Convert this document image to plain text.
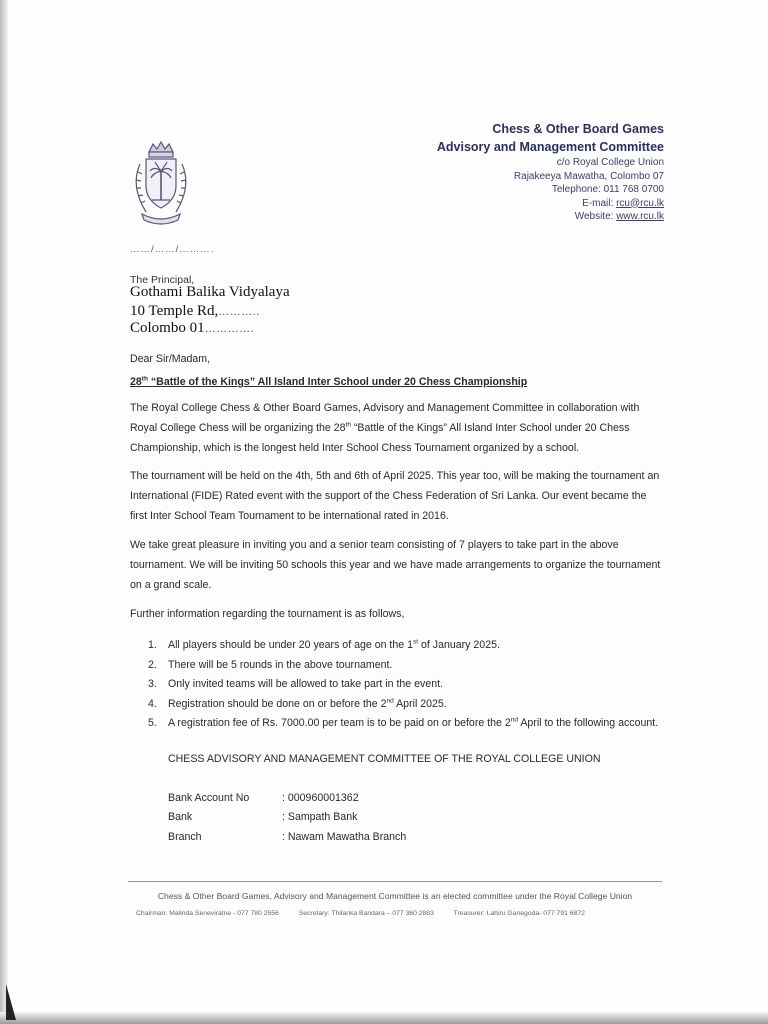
Chess & Other Board Games
Advisory and Management Committee
c/o Royal College Union
Rajakeeya Mawatha, Colombo 07
Telephone: 011 768 0700
E-mail: rcu@rcu.lk
Website: www.rcu.lk
……/……/……….
The Principal,
Gothami Balika Vidyalaya
10 Temple Rd,………..
Colombo 01………….
Dear Sir/Madam,
28th “Battle of the Kings” All Island Inter School under 20 Chess Championship
The Royal College Chess & Other Board Games, Advisory and Management Committee in collaboration with Royal College Chess will be organizing the 28th “Battle of the Kings” All Island Inter School under 20 Chess Championship, which is the longest held Inter School Chess Tournament organized by a school.
The tournament will be held on the 4th, 5th and 6th of April 2025. This year too, will be making the tournament an International (FIDE) Rated event with the support of the Chess Federation of Sri Lanka. Our event became the first Inter School Team Tournament to be international rated in 2016.
We take great pleasure in inviting you and a senior team consisting of 7 players to take part in the above tournament. We will be inviting 50 schools this year and we have made arrangements to organize the tournament on a grand scale.
Further information regarding the tournament is as follows,
1. All players should be under 20 years of age on the 1st of January 2025.
2. There will be 5 rounds in the above tournament.
3. Only invited teams will be allowed to take part in the event.
4. Registration should be done on or before the 2nd April 2025.
5. A registration fee of Rs. 7000.00 per team is to be paid on or before the 2nd April to the following account.
CHESS ADVISORY AND MANAGEMENT COMMITTEE OF THE ROYAL COLLEGE UNION
Bank Account No	: 000960001362
Bank	: Sampath Bank
Branch	: Nawam Mawatha Branch
Chess & Other Board Games, Advisory and Management Committee is an elected committee under the Royal College Union
Chairman: Malinda Seneviratne - 077 780 2556	Secretary: Thilanka Bandara – 077 360 2883	Treasurer: Lahiru Ganegoda- 077 791 6872
